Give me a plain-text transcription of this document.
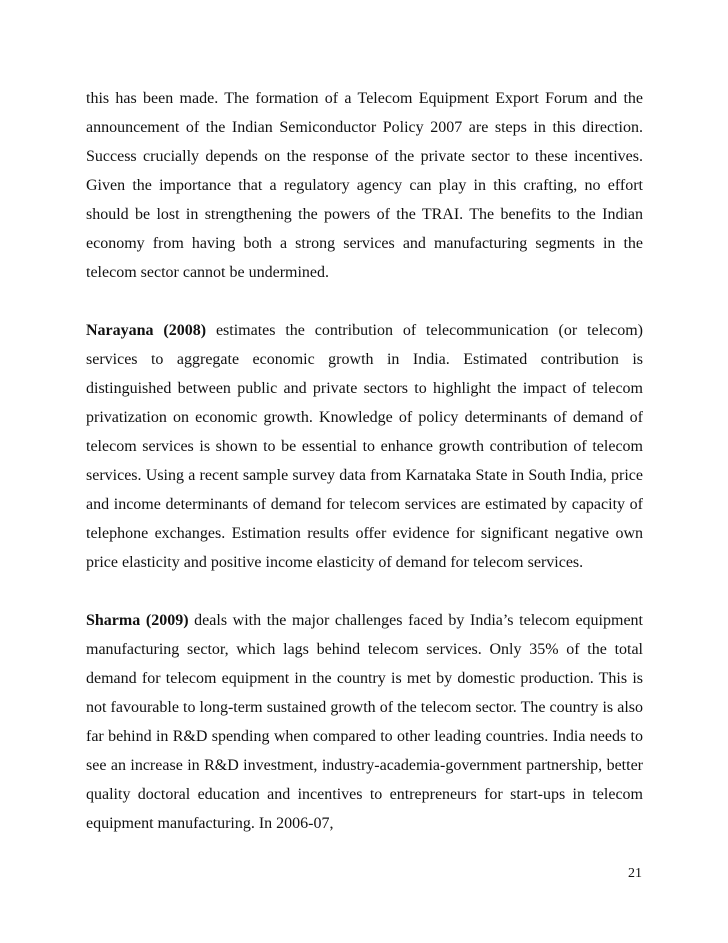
this has been made. The formation of a Telecom Equipment Export Forum and the announcement of the Indian Semiconductor Policy 2007 are steps in this direction. Success crucially depends on the response of the private sector to these incentives. Given the importance that a regulatory agency can play in this crafting, no effort should be lost in strengthening the powers of the TRAI. The benefits to the Indian economy from having both a strong services and manufacturing segments in the telecom sector cannot be undermined.

Narayana (2008) estimates the contribution of telecommunication (or telecom) services to aggregate economic growth in India. Estimated contribution is distinguished between public and private sectors to highlight the impact of telecom privatization on economic growth. Knowledge of policy determinants of demand of telecom services is shown to be essential to enhance growth contribution of telecom services. Using a recent sample survey data from Karnataka State in South India, price and income determinants of demand for telecom services are estimated by capacity of telephone exchanges. Estimation results offer evidence for significant negative own price elasticity and positive income elasticity of demand for telecom services.

Sharma (2009) deals with the major challenges faced by India’s telecom equipment manufacturing sector, which lags behind telecom services. Only 35% of the total demand for telecom equipment in the country is met by domestic production. This is not favourable to long-term sustained growth of the telecom sector. The country is also far behind in R&D spending when compared to other leading countries. India needs to see an increase in R&D investment, industry-academia-government partnership, better quality doctoral education and incentives to entrepreneurs for start-ups in telecom equipment manufacturing. In 2006-07,

21
